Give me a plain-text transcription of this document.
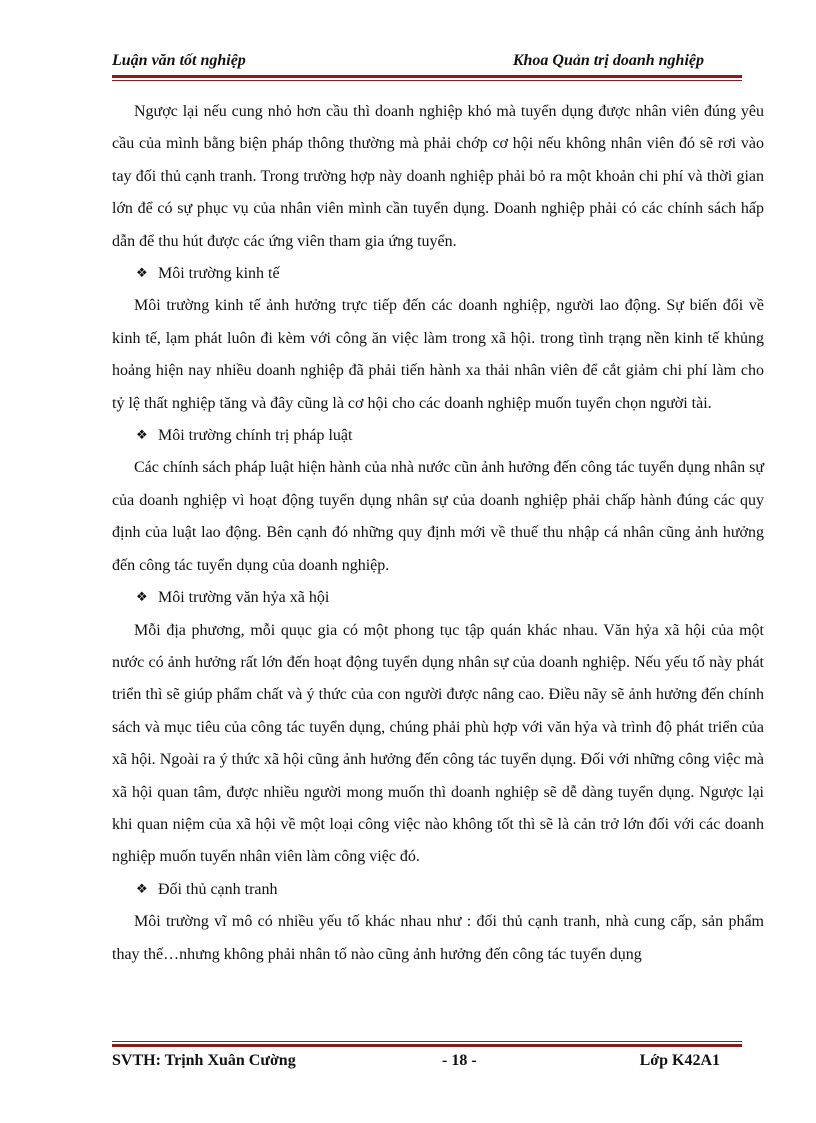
Luận văn tốt nghiệp	Khoa Quản trị doanh nghiệp

Ngược lại nếu cung nhỏ hơn cầu thì doanh nghiệp khó mà tuyển dụng được nhân viên đúng yêu cầu của mình bằng biện pháp thông thường mà phải chớp cơ hội nếu không nhân viên đó sẽ rơi vào tay đối thủ cạnh tranh. Trong trường hợp này doanh nghiệp phải bỏ ra một khoản chi phí và thời gian lớn để có sự phục vụ của nhân viên mình cần tuyển dụng. Doanh nghiệp phải có các chính sách hấp dẫn để thu hút được các ứng viên tham gia ứng tuyển.

❖ Môi trường kinh tế

Môi trường kinh tế ảnh hưởng trực tiếp đến các doanh nghiệp, người lao động. Sự biến đổi về kinh tế, lạm phát luôn đi kèm với công ăn việc làm trong xã hội. trong tình trạng nền kinh tế khủng hoảng hiện nay nhiều doanh nghiệp đã phải tiến hành xa thải nhân viên để cắt giảm chi phí làm cho tỷ lệ thất nghiệp tăng và đây cũng là cơ hội cho các doanh nghiệp muốn tuyển chọn người tài.

❖ Môi trường chính trị pháp luật

Các chính sách pháp luật hiện hành của nhà nước cũn ảnh hưởng đến công tác tuyển dụng nhân sự của doanh nghiệp vì hoạt động tuyển dụng nhân sự của doanh nghiệp phải chấp hành đúng các quy định của luật lao động. Bên cạnh đó những quy định mới về thuế thu nhập cá nhân cũng ảnh hưởng đến công tác tuyển dụng của doanh nghiệp.

❖ Môi trường văn hỷa xã hội

Mỗi địa phương, mỗi quục gia có một phong tục tập quán khác nhau. Văn hỷa xã hội của một nước có ảnh hưởng rất lớn đến hoạt động tuyển dụng nhân sự của doanh nghiệp. Nếu yếu tố này phát triển thì sẽ giúp phẩm chất và ý thức của con người được nâng cao. Điều nãy sẽ ảnh hưởng đến chính sách và mục tiêu của công tác tuyển dụng, chúng phải phù hợp với văn hỷa và trình độ phát triển của xã hội. Ngoài ra ý thức xã hội cũng ảnh hưởng đến công tác tuyển dụng. Đối với những công việc mà xã hội quan tâm, được nhiều người mong muốn thì doanh nghiệp sẽ dễ dàng tuyển dụng. Ngược lại khi quan niệm của xã hội về một loại công việc nào không tốt thì sẽ là cản trở lớn đối với các doanh nghiệp muốn tuyển nhân viên làm công việc đó.

❖ Đối thủ cạnh tranh

Môi trường vĩ mô có nhiều yếu tố khác nhau như : đối thủ cạnh tranh, nhà cung cấp, sản phẩm thay thế…nhưng không phải nhân tố nào cũng ảnh hưởng đến công tác tuyển dụng

SVTH: Trịnh Xuân Cường	- 18 -	Lớp K42A1
